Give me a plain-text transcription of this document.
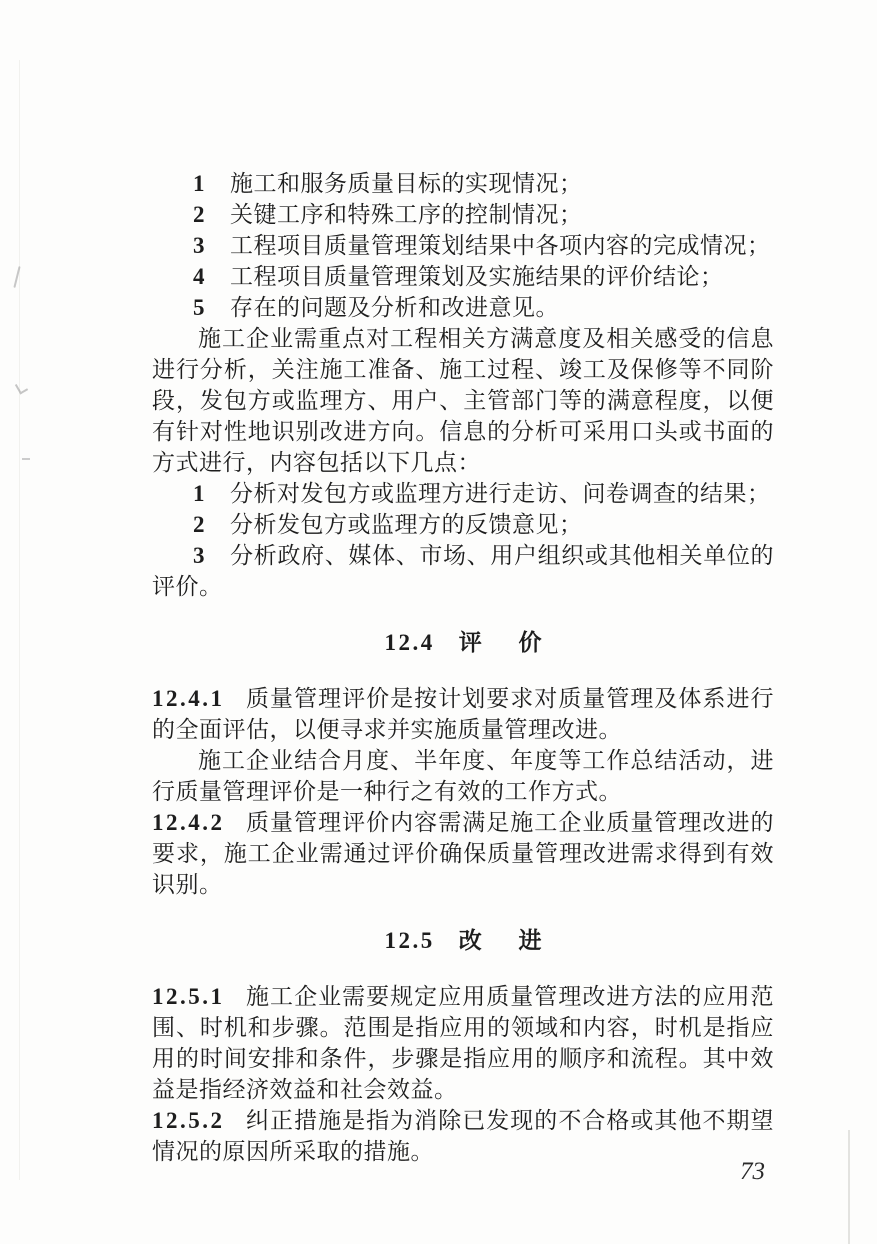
1 施工和服务质量目标的实现情况；

2 关键工序和特殊工序的控制情况；

3 工程项目质量管理策划结果中各项内容的完成情况；

4 工程项目质量管理策划及实施结果的评价结论；

5 存在的问题及分析和改进意见。

施工企业需重点对工程相关方满意度及相关感受的信息进行分析，关注施工准备、施工过程、竣工及保修等不同阶段，发包方或监理方、用户、主管部门等的满意程度，以便有针对性地识别改进方向。信息的分析可采用口头或书面的方式进行，内容包括以下几点：

1 分析对发包方或监理方进行走访、问卷调查的结果；

2 分析发包方或监理方的反馈意见；

3 分析政府、媒体、市场、用户组织或其他相关单位的评价。

12.4 评价

12.4.1 质量管理评价是按计划要求对质量管理及体系进行的全面评估，以便寻求并实施质量管理改进。

施工企业结合月度、半年度、年度等工作总结活动，进行质量管理评价是一种行之有效的工作方式。

12.4.2 质量管理评价内容需满足施工企业质量管理改进的要求，施工企业需通过评价确保质量管理改进需求得到有效识别。

12.5 改进

12.5.1 施工企业需要规定应用质量管理改进方法的应用范围、时机和步骤。范围是指应用的领域和内容，时机是指应用的时间安排和条件，步骤是指应用的顺序和流程。其中效益是指经济效益和社会效益。

12.5.2 纠正措施是指为消除已发现的不合格或其他不期望情况的原因所采取的措施。

73
